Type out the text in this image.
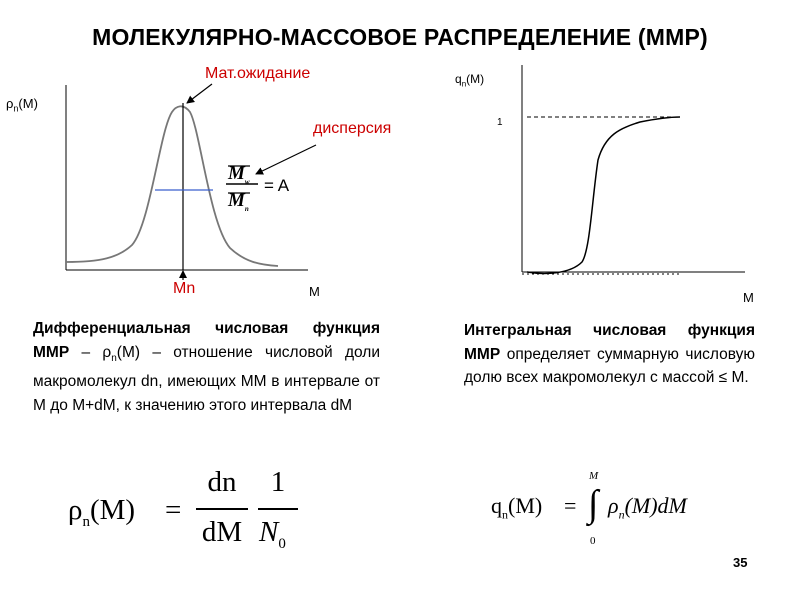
МОЛЕКУЛЯРНО-МАССОВОЕ РАСПРЕДЕЛЕНИЕ (ММР)
$\rho_n(M)$
M
Mn
Мат.ожидание
дисперсия
$M_w$
$M_n$
= A
$q_n(M)$
1
M
Дифференциальная числовая функция ММР – $\rho_n(M)$ – отношение числовой доли макромолекул dn, имеющих ММ в интервале от М до M+dM, к значению этого интервала dM
Интегральная числовая функция ММР определяет суммарную числовую долю всех макромолекул с массой ≤ M.
$\rho_n(M)$ =
dn
dM
1
$N_0$
$q_n(M)$ = ∫
M
0
$\rho_n(M)dM$
35
